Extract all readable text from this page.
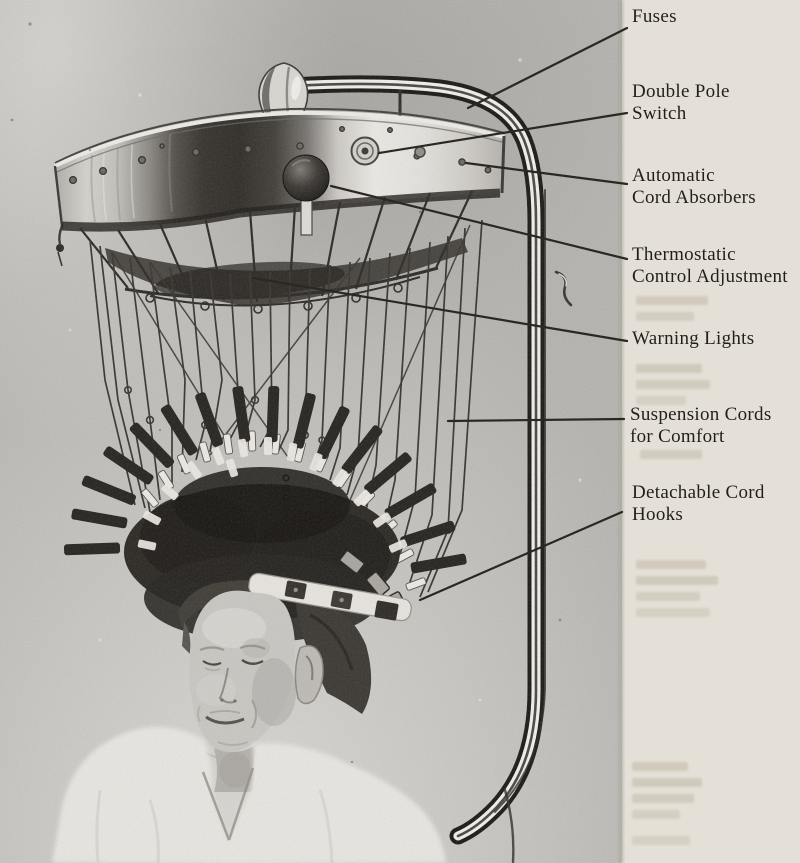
Fuses
Double Pole
Switch
Automatic
Cord Absorbers
Thermostatic
Control Adjustment
Warning Lights
Suspension Cords
for Comfort
Detachable Cord
Hooks
